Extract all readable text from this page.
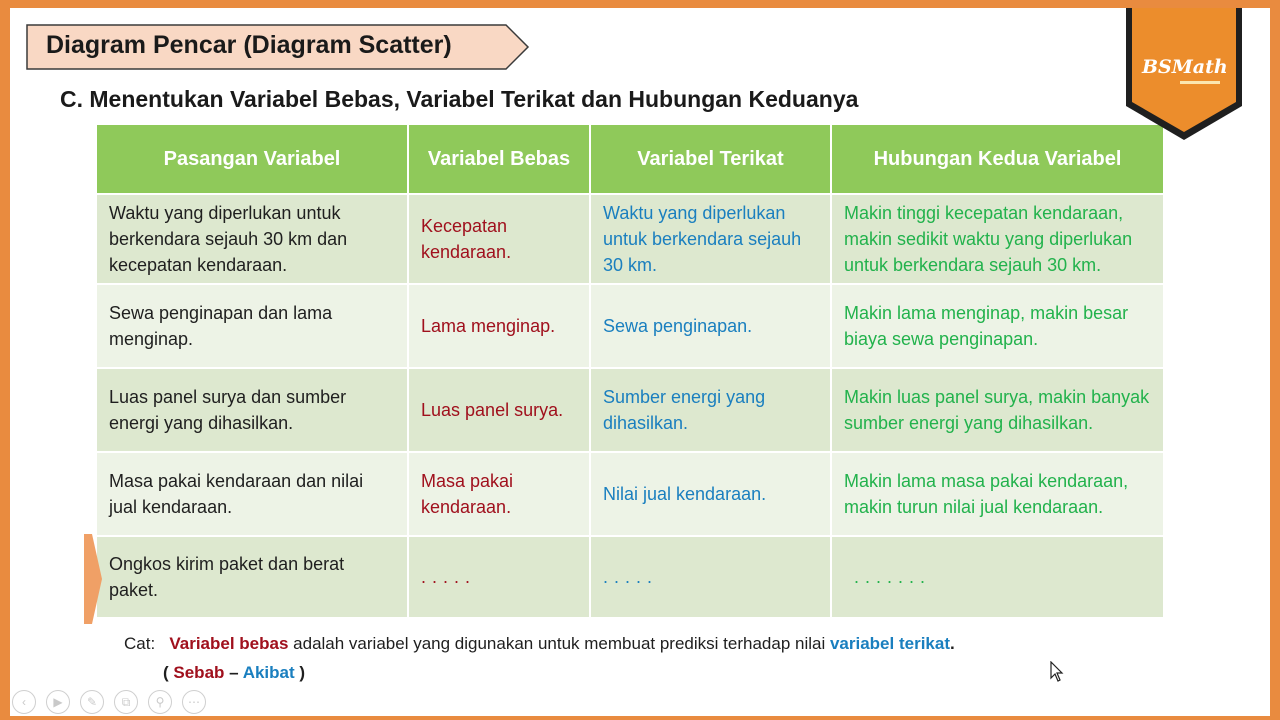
Diagram Pencar (Diagram Scatter)
BSMath
C. Menentukan Variabel Bebas, Variabel Terikat dan Hubungan Keduanya
Pasangan Variabel	Variabel Bebas	Variabel Terikat	Hubungan Kedua Variabel
Waktu yang diperlukan untuk berkendara sejauh 30 km dan kecepatan kendaraan.	Kecepatan kendaraan.	Waktu yang diperlukan untuk berkendara sejauh 30 km.	Makin tinggi kecepatan kendaraan, makin sedikit waktu yang diperlukan untuk berkendara sejauh 30 km.
Sewa penginapan dan lama menginap.	Lama menginap.	Sewa penginapan.	Makin lama menginap, makin besar biaya sewa penginapan.
Luas panel surya dan sumber energi yang dihasilkan.	Luas panel surya.	Sumber energi yang dihasilkan.	Makin luas panel surya, makin banyak sumber energi yang dihasilkan.
Masa pakai kendaraan dan nilai jual kendaraan.	Masa pakai kendaraan.	Nilai jual kendaraan.	Makin lama masa pakai kendaraan, makin turun nilai jual kendaraan.
Ongkos kirim paket dan berat paket.	.....	.....	.......
Cat: Variabel bebas adalah variabel yang digunakan untuk membuat prediksi terhadap nilai variabel terikat.
( Sebab – Akibat )
‹	▶	✎	⧉	⚲	⋯
